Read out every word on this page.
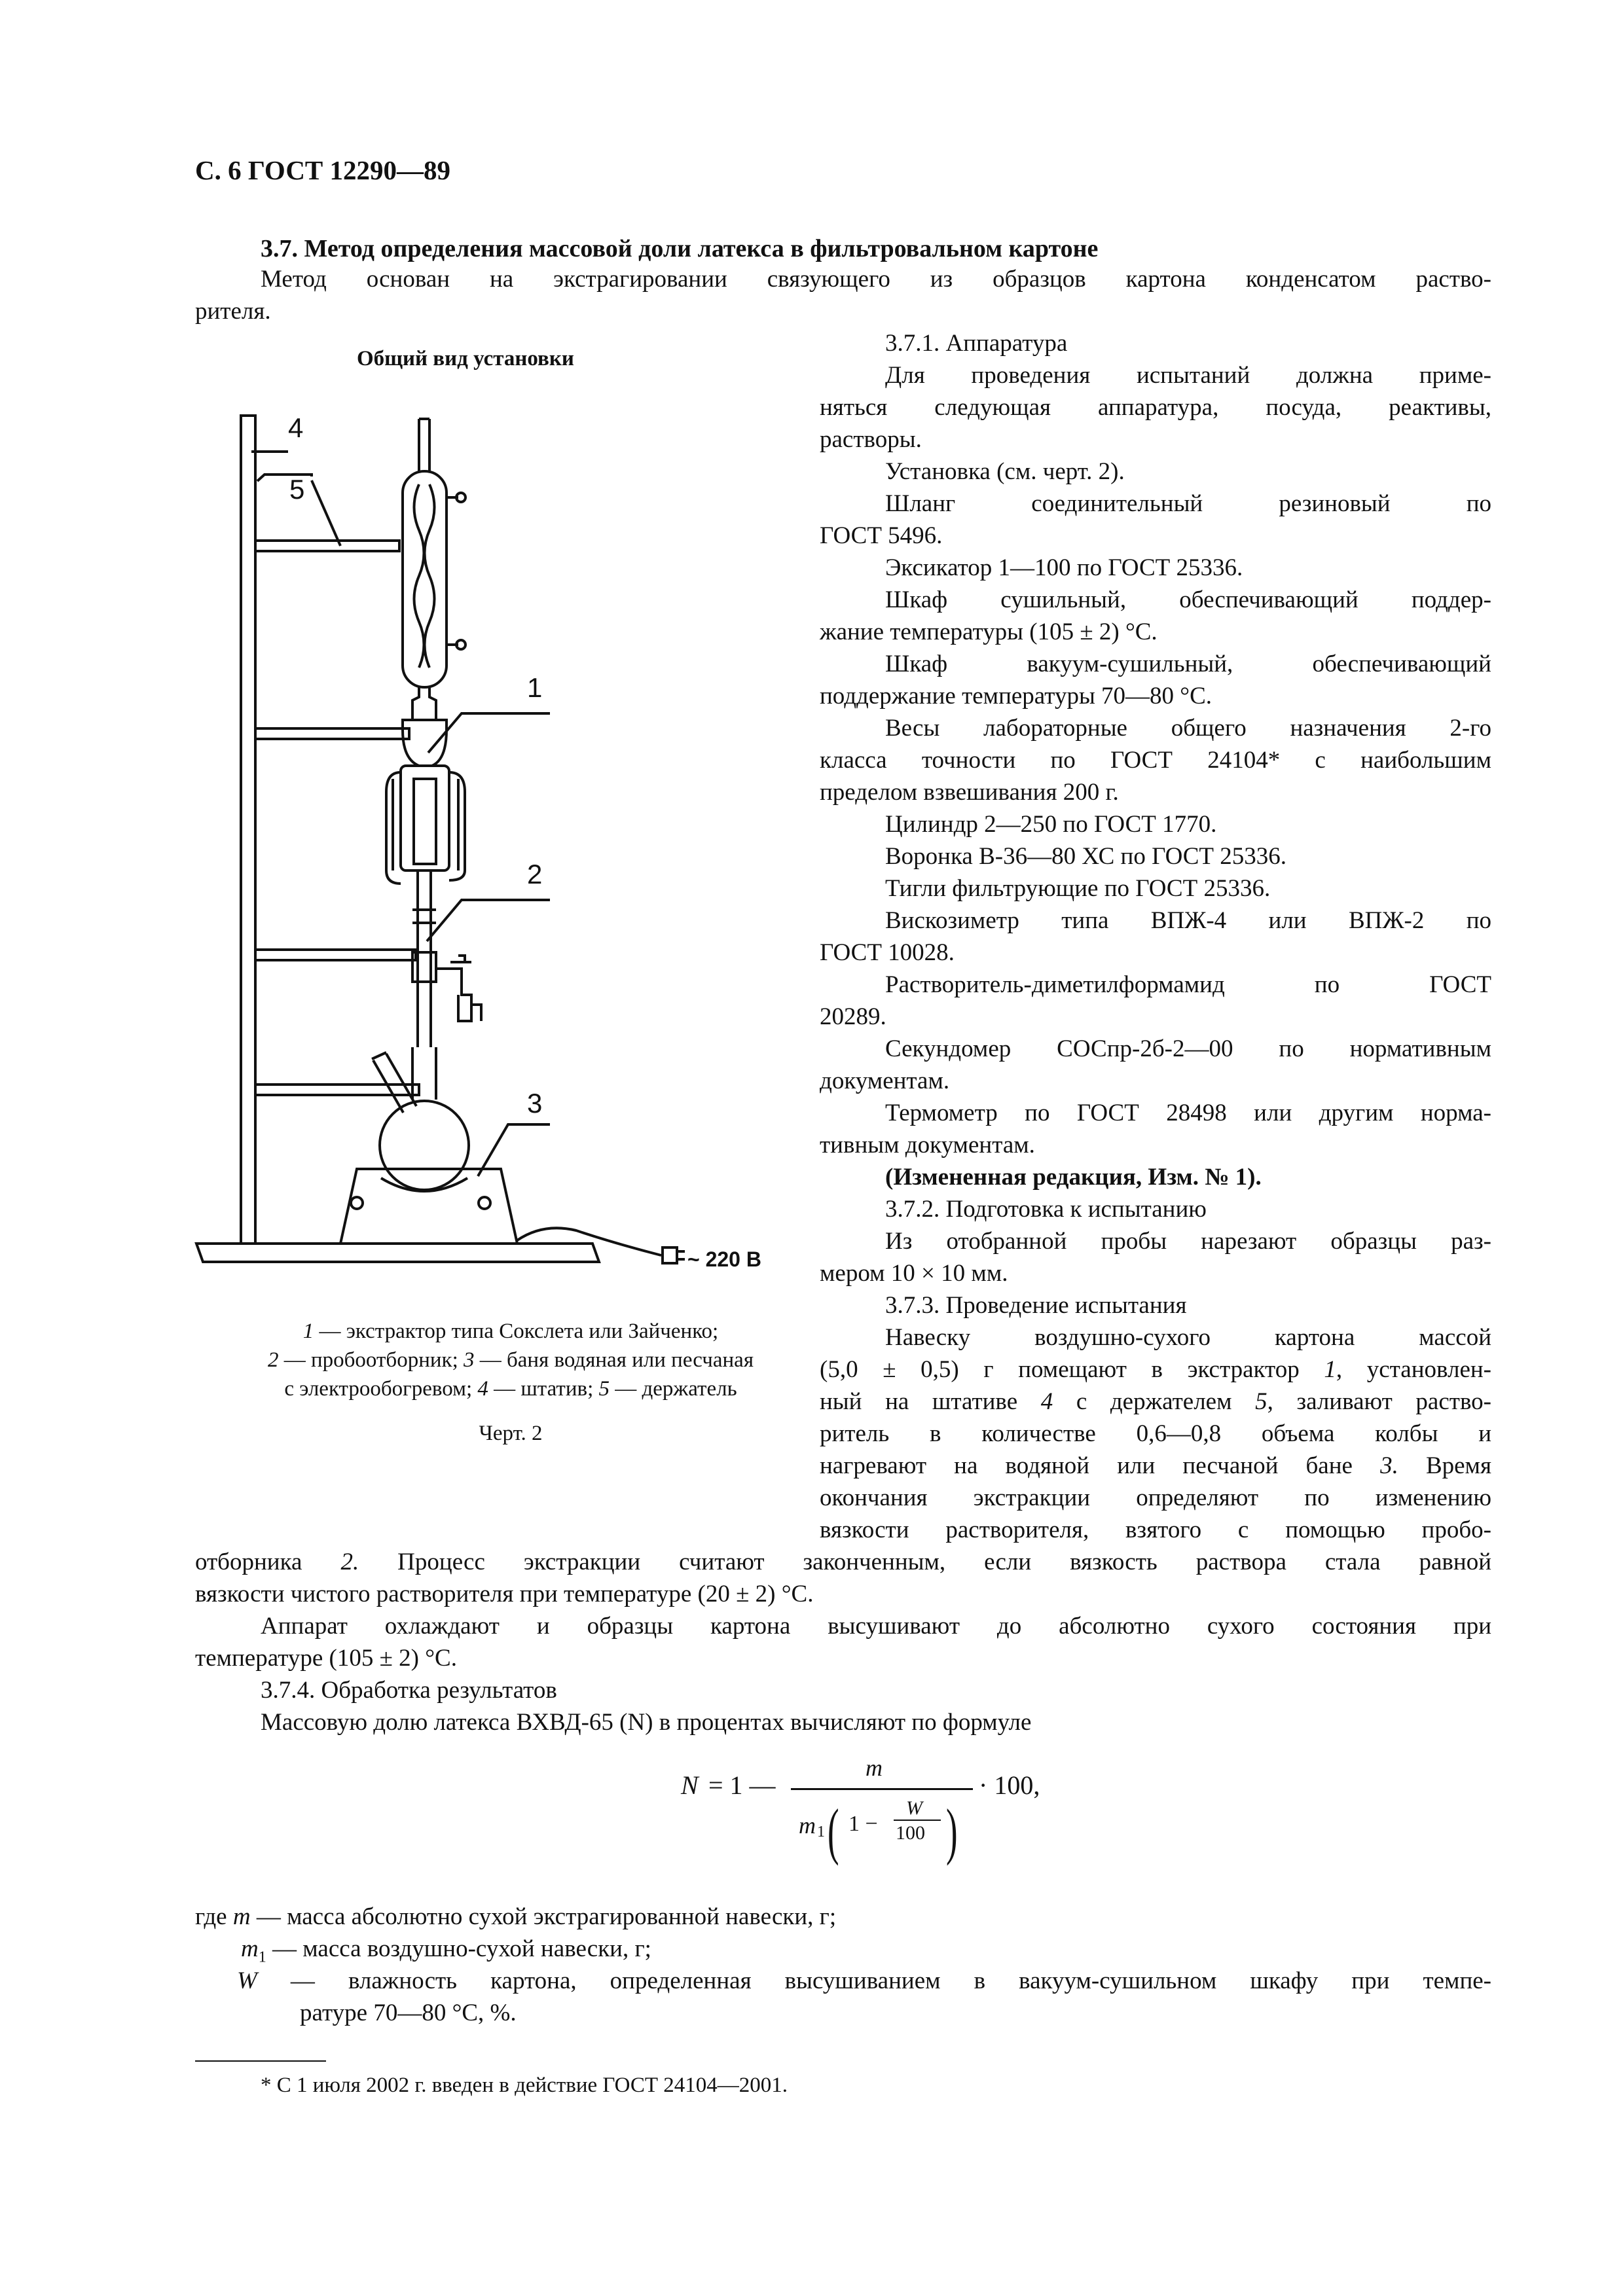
С. 6 ГОСТ 12290—89
3.7. Метод определения массовой доли латекса в фильтровальном картоне
Метод основан на экстрагировании связующего из образцов картона конденсатом раство-
рителя.
Общий вид установки
4
5
1
2
3
~ 220 В
1 — экстрактор типа Сокслета или Зайченко;
2 — пробоотборник; 3 — баня водяная или песчаная
с электрообогревом; 4 — штатив; 5 — держатель
Черт. 2
3.7.1. Аппаратура
Для проведения испытаний должна приме-
няться следующая аппаратура, посуда, реактивы,
растворы.
Установка (см. черт. 2).
Шланг соединительный резиновый по
ГОСТ 5496.
Эксикатор 1—100 по ГОСТ 25336.
Шкаф сушильный, обеспечивающий поддер-
жание температуры (105 ± 2) °С.
Шкаф вакуум-сушильный, обеспечивающий
поддержание температуры 70—80 °С.
Весы лабораторные общего назначения 2-го
класса точности по ГОСТ 24104* с наибольшим
пределом взвешивания 200 г.
Цилиндр 2—250 по ГОСТ 1770.
Воронка В-36—80 ХС по ГОСТ 25336.
Тигли фильтрующие по ГОСТ 25336.
Вискозиметр типа ВПЖ-4 или ВПЖ-2 по
ГОСТ 10028.
Растворитель-диметилформамид по ГОСТ
20289.
Секундомер СОСпр-2б-2—00 по нормативным
документам.
Термометр по ГОСТ 28498 или другим норма-
тивным документам.
(Измененная редакция, Изм. № 1).
3.7.2. Подготовка к испытанию
Из отобранной пробы нарезают образцы раз-
мером 10 × 10 мм.
3.7.3. Проведение испытания
Навеску воздушно-сухого картона массой
(5,0 ± 0,5) г помещают в экстрактор 1, установлен-
ный на штативе 4 с держателем 5, заливают раство-
ритель в количестве 0,6—0,8 объема колбы и
нагревают на водяной или песчаной бане 3. Время
окончания экстракции определяют по изменению
вязкости растворителя, взятого с помощью пробо-
отборника 2. Процесс экстракции считают законченным, если вязкость раствора стала равной
вязкости чистого растворителя при температуре (20 ± 2) °С.
Аппарат охлаждают и образцы картона высушивают до абсолютно сухого состояния при
температуре (105 ± 2) °С.
3.7.4. Обработка результатов
Массовую долю латекса ВХВД-65 (N) в процентах вычисляют по формуле
N = 1 —
m
m 1 ( 1 −
W
100 )
· 100,
где m — масса абсолютно сухой экстрагированной навески, г;
$m_1$ — масса воздушно-сухой навески, г;
W — влажность картона, определенная высушиванием в вакуум-сушильном шкафу при темпе-
ратуре 70—80 °С, %.
* С 1 июля 2002 г. введен в действие ГОСТ 24104—2001.
